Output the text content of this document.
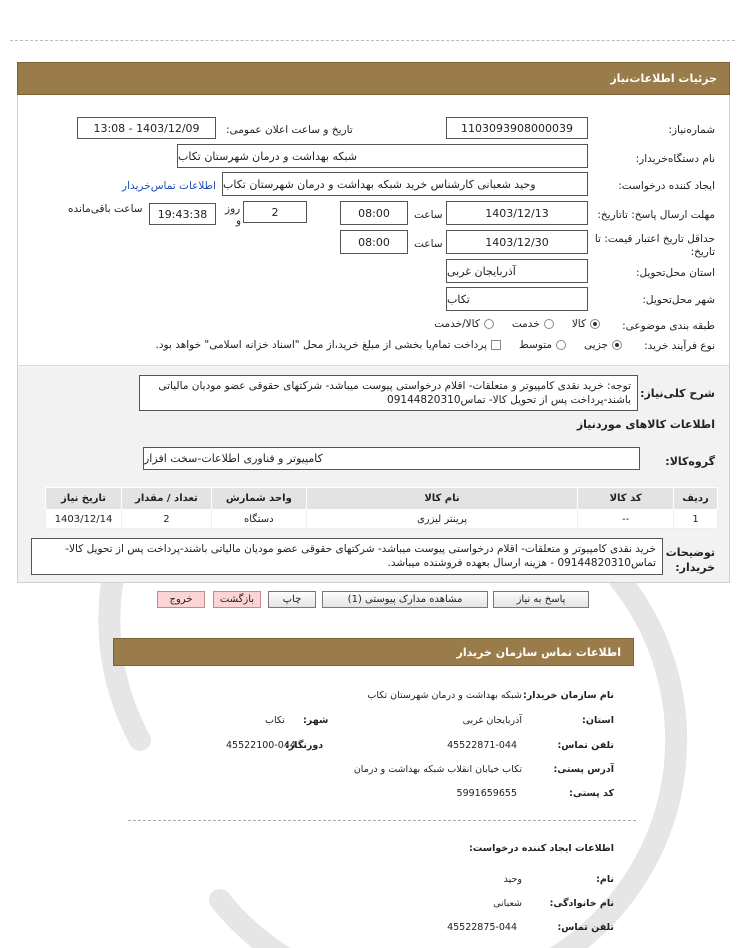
جزئیات اطلاعات‌نیاز
شماره‌نیاز:
1103093908000039
تاریخ و ساعت اعلان عمومی:
1403/12/09 - 13:08
نام دستگاه‌خریدار:
شبکه بهداشت و درمان شهرستان تکاب
ایجاد کننده درخواست:
وحید شعبانی کارشناس خرید شبکه بهداشت و درمان شهرستان تکاب
اطلاعات تماس‌خریدار
مهلت ارسال پاسخ: تاتاریخ:
1403/12/13
ساعت
08:00
2
روز
و
19:43:38
ساعت باقی‌مانده
حداقل تاریخ اعتبار قیمت: تا تاریخ:
1403/12/30
ساعت
08:00
استان محل‌تحویل:
آذربایجان غربی
شهر محل‌تحویل:
تکاب
طبقه بندی موضوعی:
کالا
خدمت
کالا/خدمت
نوع فرآیند خرید:
جزیی
متوسط
پرداخت تمام‌یا بخشی از مبلغ خرید،از محل "اسناد خزانه اسلامی" خواهد بود.
شرح کلی‌نیاز:
توجه: خرید نقدی کامپیوتر و متعلقات- اقلام درخواستی پیوست میباشد- شرکتهای حقوقی عضو مودیان مالیاتی باشند-پرداخت پس از تحویل کالا- تماس09144820310
اطلاعات کالاهای موردنیاز
گروه‌کالا:
کامپیوتر و فناوری اطلاعات-سخت افزار
ردیف	کد کالا	نام کالا	واحد شمارش	تعداد / مقدار	تاریخ نیاز
1	--	پرینتر لیزری	دستگاه	2	1403/12/14
توضیحات خریدار:
خرید نقدی کامپیوتر و متعلقات- اقلام درخواستی پیوست میباشد- شرکتهای حقوقی عضو مودیان مالیاتی باشند-پرداخت پس از تحویل کالا- تماس09144820310 - هزینه ارسال بعهده فروشنده میباشد.
پاسخ به نیاز
مشاهده مدارک پیوستی (1)
چاپ
بازگشت
خروج
اطلاعات تماس سازمان خریدار
نام سازمان خریدار:
شبکه بهداشت و درمان شهرستان تکاب
استان:
آذربایجان غربی
شهر:
تکاب
تلفن تماس:
45522871-044
دورنگار:
45522100-044
آدرس پستی:
تکاب خیابان انقلاب شبکه بهداشت و درمان
کد پستی:
5991659655
اطلاعات ایجاد کننده درخواست:
نام:
وحید
نام خانوادگی:
شعبانی
تلفن تماس:
45522875-044
